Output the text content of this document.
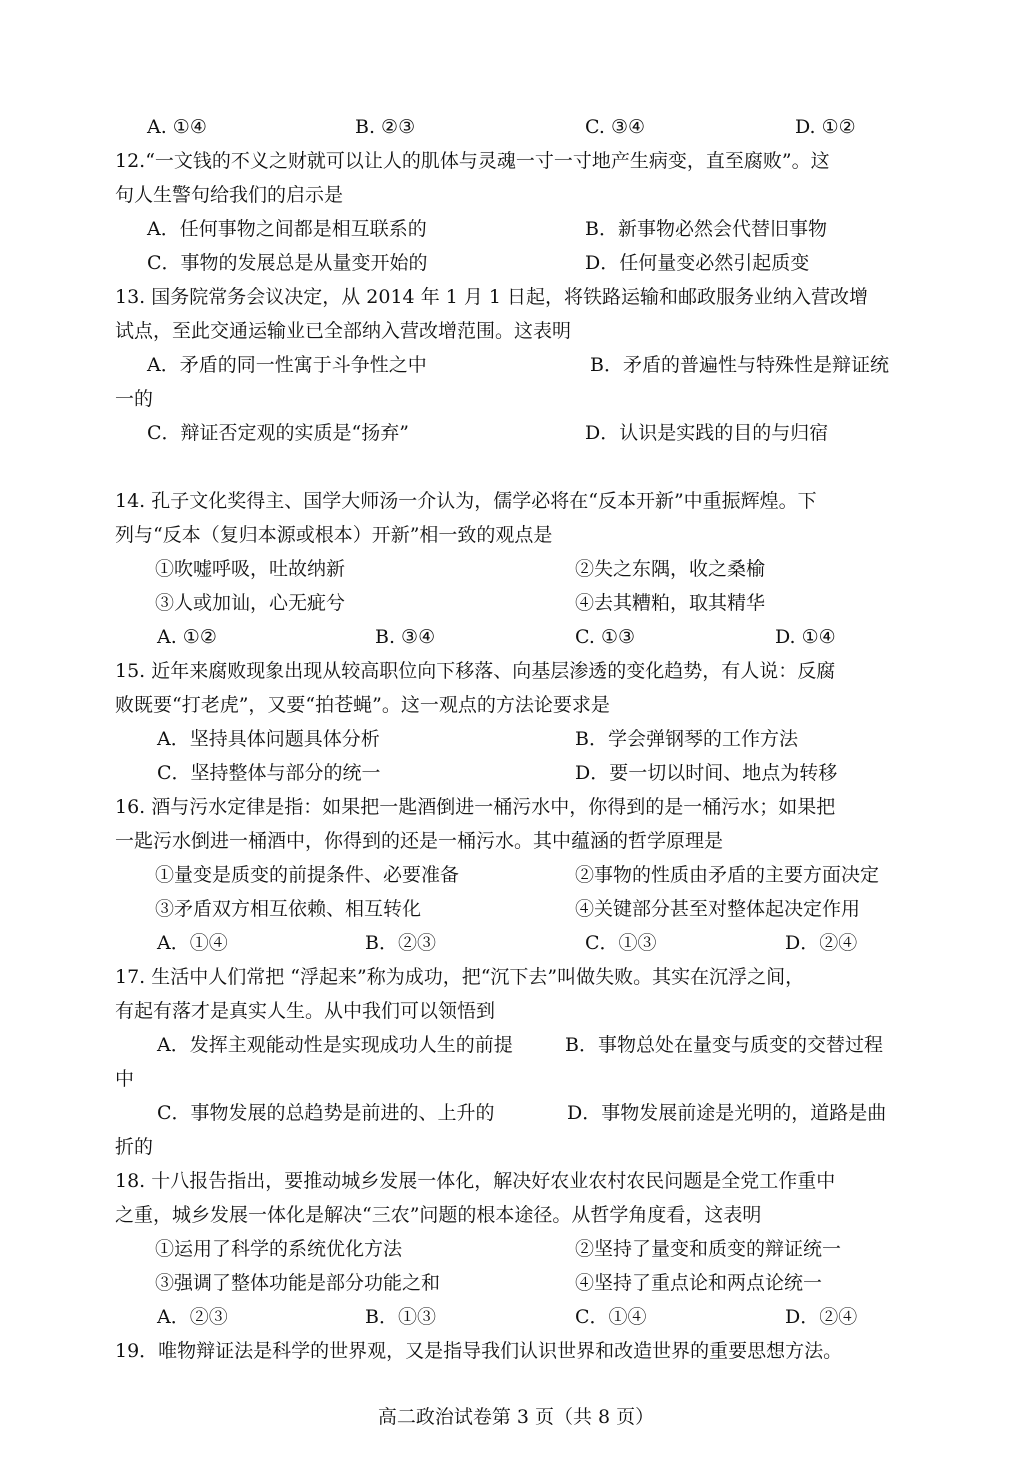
A. ①④	B. ②③	C. ③④	D. ①②
12.“一文钱的不义之财就可以让人的肌体与灵魂一寸一寸地产生病变，直至腐败”。这
句人生警句给我们的启示是
A．任何事物之间都是相互联系的	B．新事物必然会代替旧事物
C．事物的发展总是从量变开始的	D．任何量变必然引起质变
13. 国务院常务会议决定，从 2014 年 1 月 1 日起，将铁路运输和邮政服务业纳入营改增
试点，至此交通运输业已全部纳入营改增范围。这表明
A．矛盾的同一性寓于斗争性之中	B．矛盾的普遍性与特殊性是辩证统
一的
C．辩证否定观的实质是“扬弃”	D．认识是实践的目的与归宿
14. 孔子文化奖得主、国学大师汤一介认为，儒学必将在“反本开新”中重振辉煌。下
列与“反本（复归本源或根本）开新”相一致的观点是
①吹嘘呼吸，吐故纳新	②失之东隅，收之桑榆
③人或加讪，心无疵兮	④去其糟粕，取其精华
A. ①②	B. ③④	C. ①③	D. ①④
15. 近年来腐败现象出现从较高职位向下移落、向基层渗透的变化趋势，有人说：反腐
败既要“打老虎”，又要“拍苍蝇”。这一观点的方法论要求是
A．坚持具体问题具体分析	B．学会弹钢琴的工作方法
C．坚持整体与部分的统一	D．要一切以时间、地点为转移
16. 酒与污水定律是指：如果把一匙酒倒进一桶污水中，你得到的是一桶污水；如果把
一匙污水倒进一桶酒中，你得到的还是一桶污水。其中蕴涵的哲学原理是
①量变是质变的前提条件、必要准备	②事物的性质由矛盾的主要方面决定
③矛盾双方相互依赖、相互转化	④关键部分甚至对整体起决定作用
A．①④	B．②③	C．①③	D．②④
17. 生活中人们常把 “浮起来”称为成功，把“沉下去”叫做失败。其实在沉浮之间，
有起有落才是真实人生。从中我们可以领悟到
A．发挥主观能动性是实现成功人生的前提	B．事物总处在量变与质变的交替过程
中
C．事物发展的总趋势是前进的、上升的	D．事物发展前途是光明的，道路是曲
折的
18. 十八报告指出，要推动城乡发展一体化，解决好农业农村农民问题是全党工作重中
之重，城乡发展一体化是解决“三农”问题的根本途径。从哲学角度看，这表明
①运用了科学的系统优化方法	②坚持了量变和质变的辩证统一
③强调了整体功能是部分功能之和	④坚持了重点论和两点论统一
A．②③	B．①③	C．①④	D．②④
19．唯物辩证法是科学的世界观，又是指导我们认识世界和改造世界的重要思想方法。
高二政治试卷第 3 页（共 8 页）
